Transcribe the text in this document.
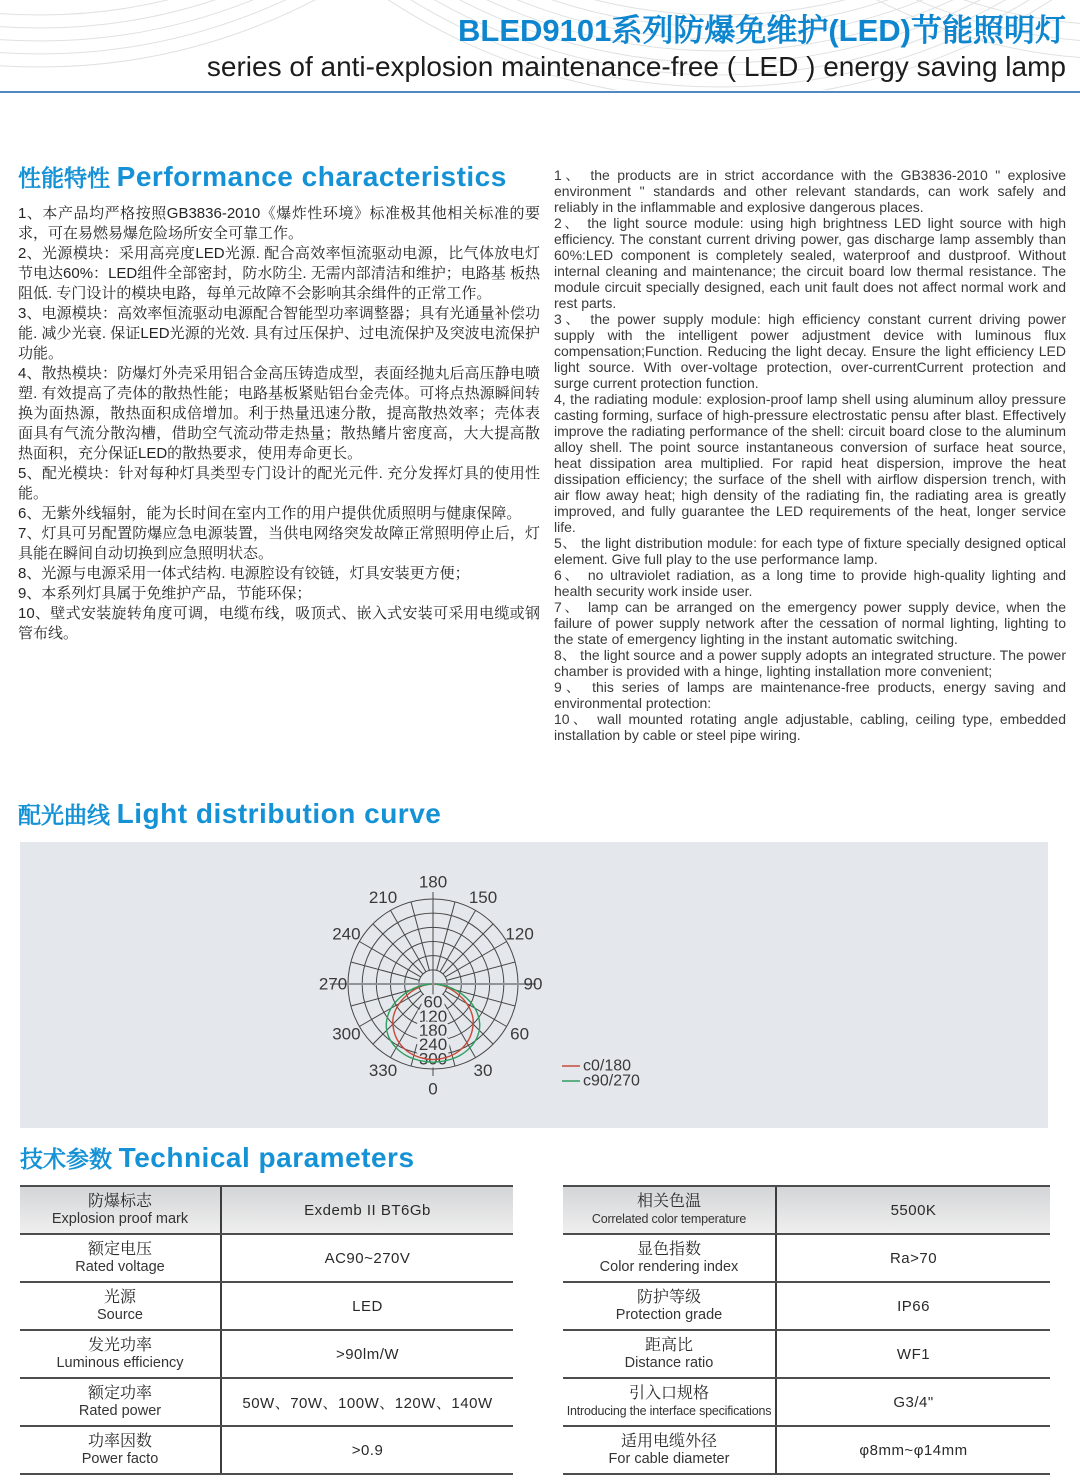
BLED9101系列防爆免维护(LED)节能照明灯
series of anti-explosion maintenance-free ( LED ) energy saving lamp
性能特性 Performance characteristics

1、本产品均严格按照GB3836-2010《爆炸性环境》标准极其他相关标准的要求，可在易燃易爆危险场所安全可靠工作。

2、光源模块：采用高亮度LED光源. 配合高效率恒流驱动电源，比气体放电灯节电达60%：LED组件全部密封，防水防尘. 无需内部清洁和维护；电路基 板热阻低. 专门设计的模块电路，每单元故障不会影响其余缉件的正常工作。

3、电源模块：高效率恒流驱动电源配合智能型功率调整器；具有光通量补偿功能. 减少光衰. 保证LED光源的光效. 具有过压保护、过电流保护及突波电流保护功能。

4、散热模块：防爆灯外壳采用铝合金高压铸造成型，表面经抛丸后高压静电喷塑. 有效提高了壳体的散热性能；电路基板紧贴铝台金壳体。可将点热源瞬间转换为面热源，散热面积成倍增加。利于热量迅速分散，提高散热效率；壳体表面具有气流分散沟槽，借助空气流动带走热量；散热鳍片密度高，大大提高散热面积，充分保证LED的散热要求，使用寿命更长。

5、配光模块：针对每种灯具类型专门设计的配光元件. 充分发挥灯具的使用性能。

6、无紫外线辐射，能为长时间在室内工作的用户提供优质照明与健康保障。

7、灯具可另配置防爆应急电源装置，当供电网络突发故障正常照明停止后，灯具能在瞬间自动切换到应急照明状态。

8、光源与电源采用一体式结构. 电源腔设有铰链，灯具安装更方便；

9、本系列灯具属于免维护产品，节能环保；

10、壁式安装旋转角度可调，电缆布线，吸顶式、嵌入式安装可采用电缆或钢管布线。

1、 the products are in strict accordance with the GB3836-2010 " explosive environment " standards and other relevant standards, can work safely and reliably in the inflammable and explosive dangerous places.

2、 the light source module: using high brightness LED light source with high efficiency. The constant current driving power, gas discharge lamp assembly than 60%:LED component is completely sealed, waterproof and dustproof. Without internal cleaning and maintenance; the circuit board low thermal resistance. The module circuit specially designed, each unit fault does not affect normal work and rest parts.

3、 the power supply module: high efficiency constant current driving power supply with the intelligent power adjustment device with luminous flux compensation;Function. Reducing the light decay. Ensure the light efficiency LED light source. With over-voltage protection, over-currentCurrent protection and surge current protection function.

4, the radiating module: explosion-proof lamp shell using aluminum alloy pressure casting forming, surface of high-pressure electrostatic pensu after blast. Effectively improve the radiating performance of the shell: circuit board close to the aluminum alloy shell. The point source instantaneous conversion of surface heat source, heat dissipation area multiplied. For rapid heat dispersion, improve the heat dissipation efficiency; the surface of the shell with airflow dispersion trench, with air flow away heat; high density of the radiating fin, the radiating area is greatly improved, and fully guarantee the LED requirements of the heat, longer service life.

5、 the light distribution module: for each type of fixture specially designed optical element. Give full play to the use performance lamp.

6、 no ultraviolet radiation, as a long time to provide high-quality lighting and health security work inside user.

7、 lamp can be arranged on the emergency power supply device, when the failure of power supply network after the cessation of normal lighting, lighting to the state of emergency lighting in the instant automatic switching.

8、 the light source and a power supply adopts an integrated structure. The power chamber is provided with a hinge, lighting installation more convenient;

9、 this series of lamps are maintenance-free products, energy saving and environmental protection:

10、 wall mounted rotating angle adjustable, cabling, ceiling type, embedded installation by cable or steel pipe wiring.

配光曲线 Light distribution curve
0
30
60
90
120
150
180
210
240
270
300
330
60
120
180
240
300	c0/180
c90/270
技术参数 Technical parameters
防爆标志
Explosion proof mark
Exdemb II BT6Gb
额定电压
Rated voltage
AC90~270V
光源
Source
LED
发光功率
Luminous efficiency
>90lm/W
额定功率
Rated power	50W、70W、100W、120W、140W
功率因数
Power facto
>0.9
相关色温
Correlated color temperature
5500K
显色指数
Color rendering index
Ra>70
防护等级
Protection grade
IP66
距高比
Distance ratio
WF1
引入口规格
Introducing the interface specifications
G3/4"
适用电缆外径
For cable diameter
φ8mm~φ14mm
